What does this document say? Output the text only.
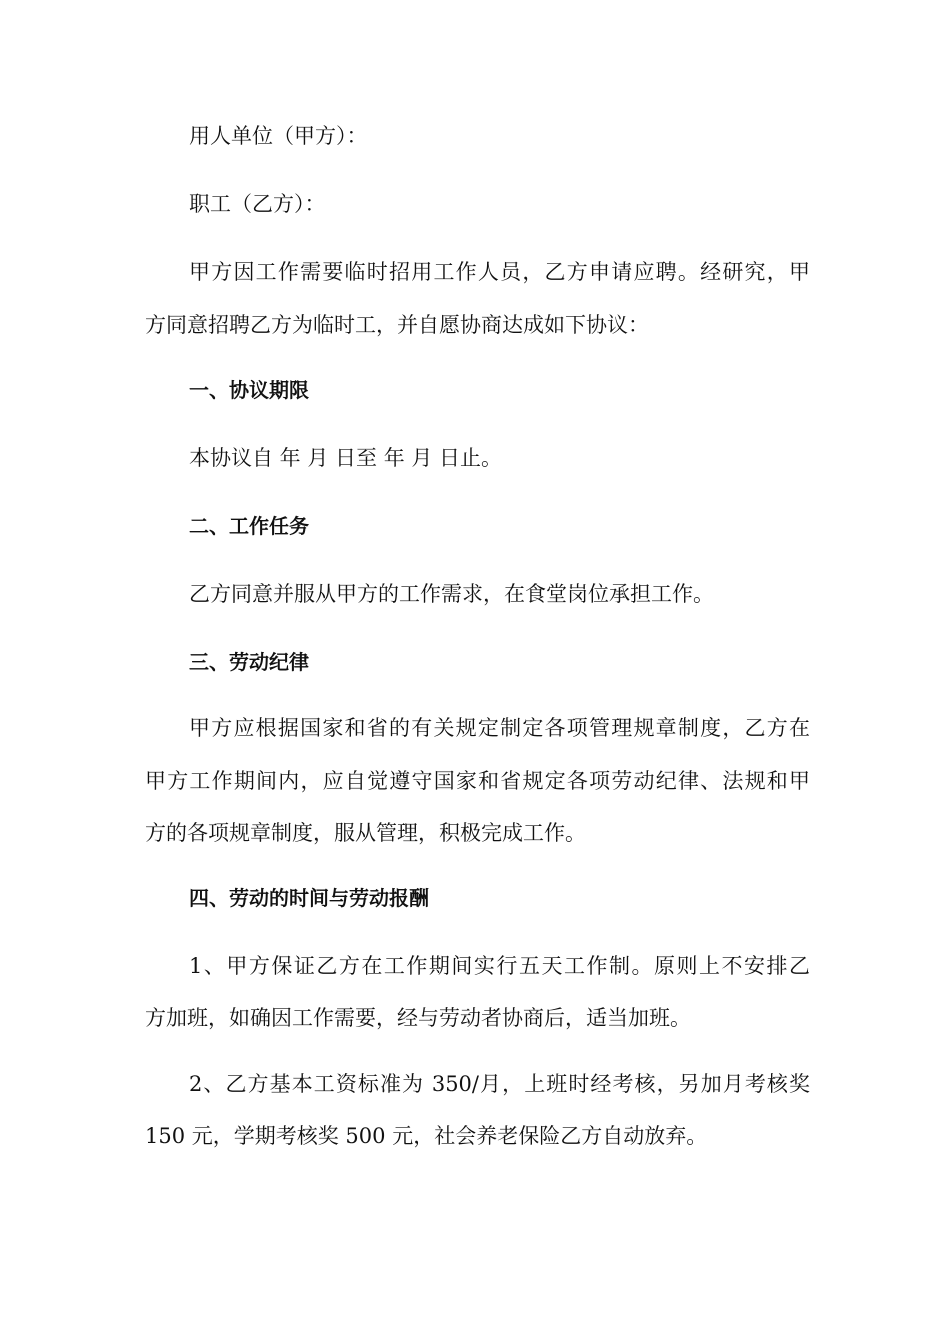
用人单位（甲方）：
职工（乙方）：
甲方因工作需要临时招用工作人员，乙方申请应聘。经研究，甲
方同意招聘乙方为临时工，并自愿协商达成如下协议：
一、协议期限
本协议自 年 月 日至 年 月 日止。
二、工作任务
乙方同意并服从甲方的工作需求，在食堂岗位承担工作。
三、劳动纪律
甲方应根据国家和省的有关规定制定各项管理规章制度，乙方在
甲方工作期间内，应自觉遵守国家和省规定各项劳动纪律、法规和甲
方的各项规章制度，服从管理，积极完成工作。
四、劳动的时间与劳动报酬
1、甲方保证乙方在工作期间实行五天工作制。原则上不安排乙
方加班，如确因工作需要，经与劳动者协商后，适当加班。
2、乙方基本工资标准为 350/月，上班时经考核，另加月考核奖
150 元，学期考核奖 500 元，社会养老保险乙方自动放弃。
